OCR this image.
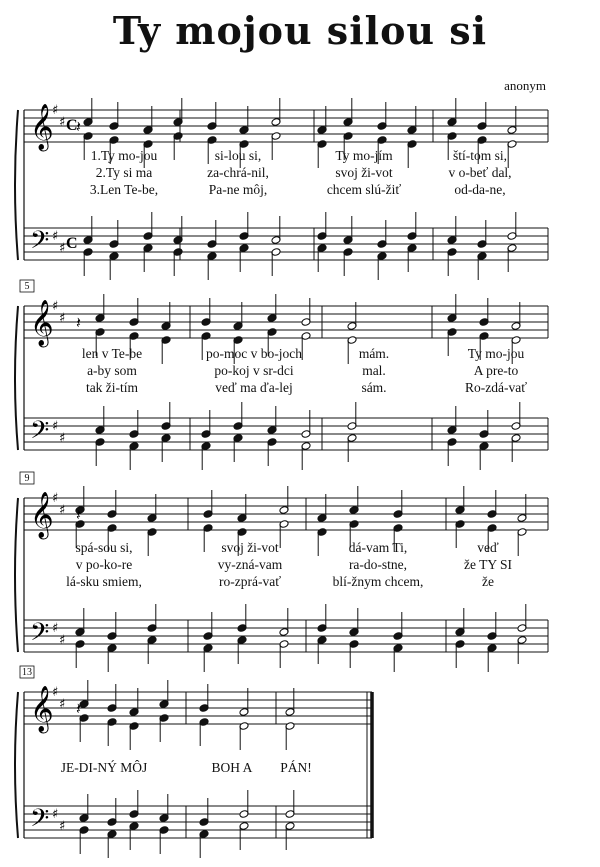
Ty mojou silou si
anonym
𝄞
𝄢
♯
♯
♯
♯
C
C
𝄽
1.Ty mo-jou	si-lou si,	Ty mo-jím	ští-tom si,
2.Ty si ma	za-chrá-nil,	svoj ži-vot	v o-beť dal,
3.Len Te-be,	Pa-ne môj,	chcem slú-žiť	od-da-ne,
𝄞
𝄢
♯
♯
♯
♯
5
𝄽
len v Te-be	po-moc v bo-joch	mám.	Ty mo-jou
a-by som	po-koj v sr-dci	mal.	A pre-to
tak ži-tím	veď ma ďa-lej	sám.	Ro-zdá-vať
𝄞
𝄢
♯
♯
♯
♯
9
𝄽
spá-sou si,	svoj ži-vot	dá-vam Ti,	veď
v po-ko-re	vy-zná-vam	ra-do-stne,	že TY SI
lá-sku smiem,	ro-zprá-vať	blí-žnym chcem,	že
𝄞
𝄢
♯
♯
♯
♯
13
𝄽
JE-DI-NÝ MÔJ	BOH A PÁN!
